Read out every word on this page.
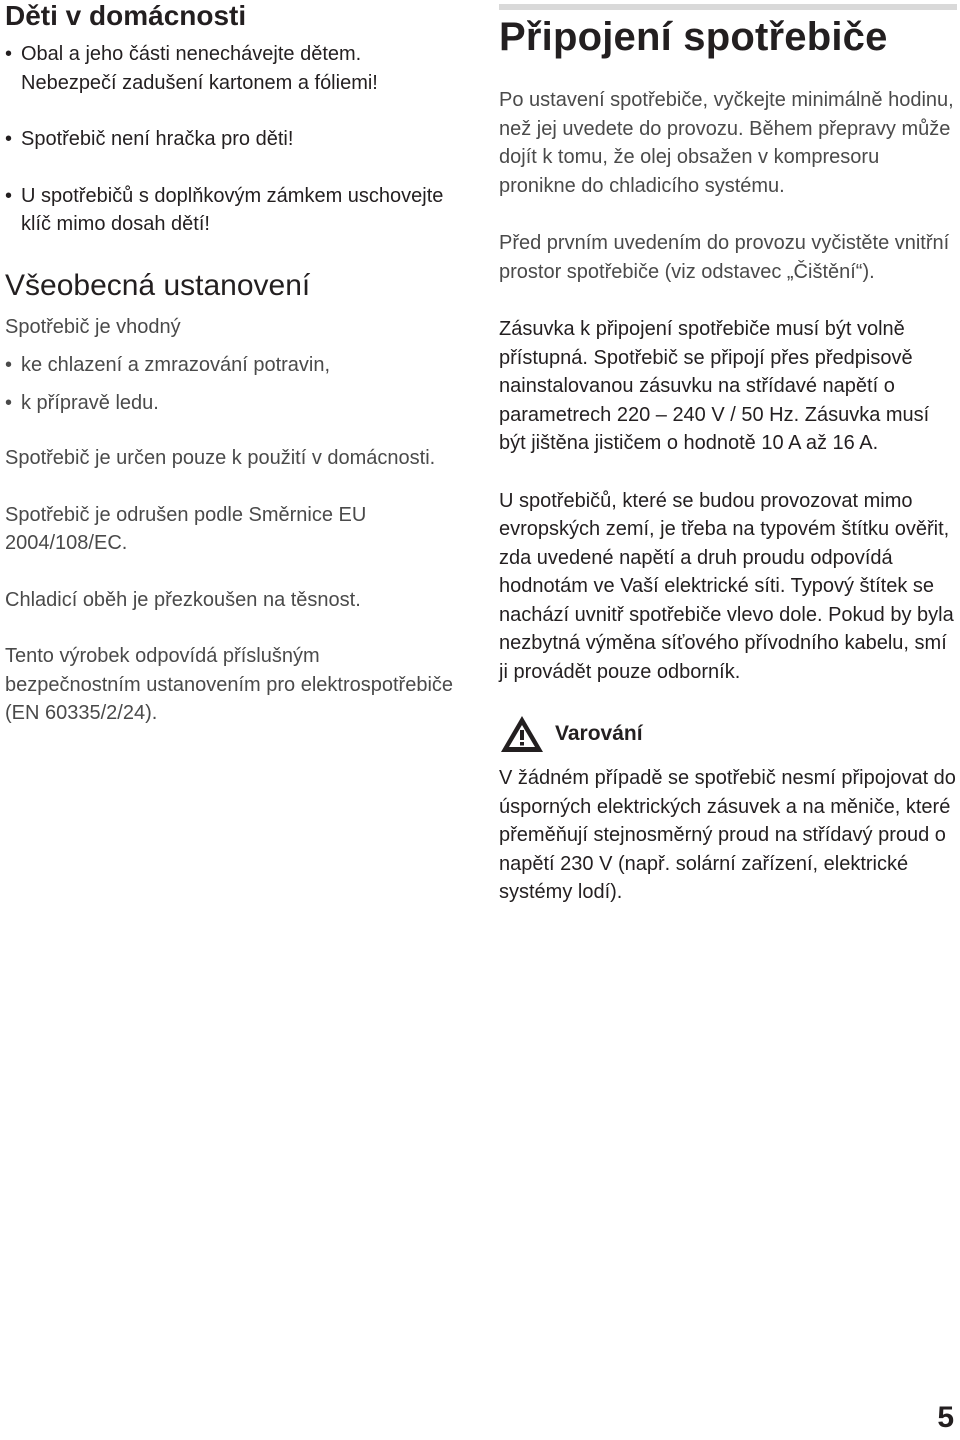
Děti v domácnosti
• Obal a jeho části nenechávejte dětem. Nebezpečí zadušení kartonem a fóliemi!
• Spotřebič není hračka pro děti!
• U spotřebičů s doplňkovým zámkem uschovejte klíč mimo dosah dětí!
Všeobecná ustanovení

Spotřebič je vhodný

• ke chlazení a zmrazování potravin,
• k přípravě ledu.

Spotřebič je určen pouze k použití v domácnosti.

Spotřebič je odrušen podle Směrnice EU 2004/108/EC.

Chladicí oběh je přezkoušen na těsnost.

Tento výrobek odpovídá příslušným bezpečnostním ustanovením pro elektrospotřebiče (EN 60335/2/24).

Připojení spotřebiče

Po ustavení spotřebiče, vyčkejte minimálně hodinu, než jej uvedete do provozu. Během přepravy může dojít k tomu, že olej obsažen v kompresoru pronikne do chladicího systému.

Před prvním uvedením do provozu vyčistěte vnitřní prostor spotřebiče (viz odstavec „Čištění“).

Zásuvka k připojení spotřebiče musí být volně přístupná. Spotřebič se připojí přes předpisově nainstalovanou zásuvku na střídavé napětí o parametrech 220 – 240 V / 50 Hz. Zásuvka musí být jištěna jističem o hodnotě 10 A až 16 A.

U spotřebičů, které se budou provozovat mimo evropských zemí, je třeba na typovém štítku ověřit, zda uvedené napětí a druh proudu odpovídá hodnotám ve Vaší elektrické síti. Typový štítek se nachází uvnitř spotřebiče vlevo dole. Pokud by byla nezbytná výměna síťového přívodního kabelu, smí ji provádět pouze odborník.

Varování

V žádném případě se spotřebič nesmí připojovat do úsporných elektrických zásuvek a na měniče, které přeměňují stejnosměrný proud na střídavý proud o napětí 230 V (např. solární zařízení, elektrické systémy lodí).

5
